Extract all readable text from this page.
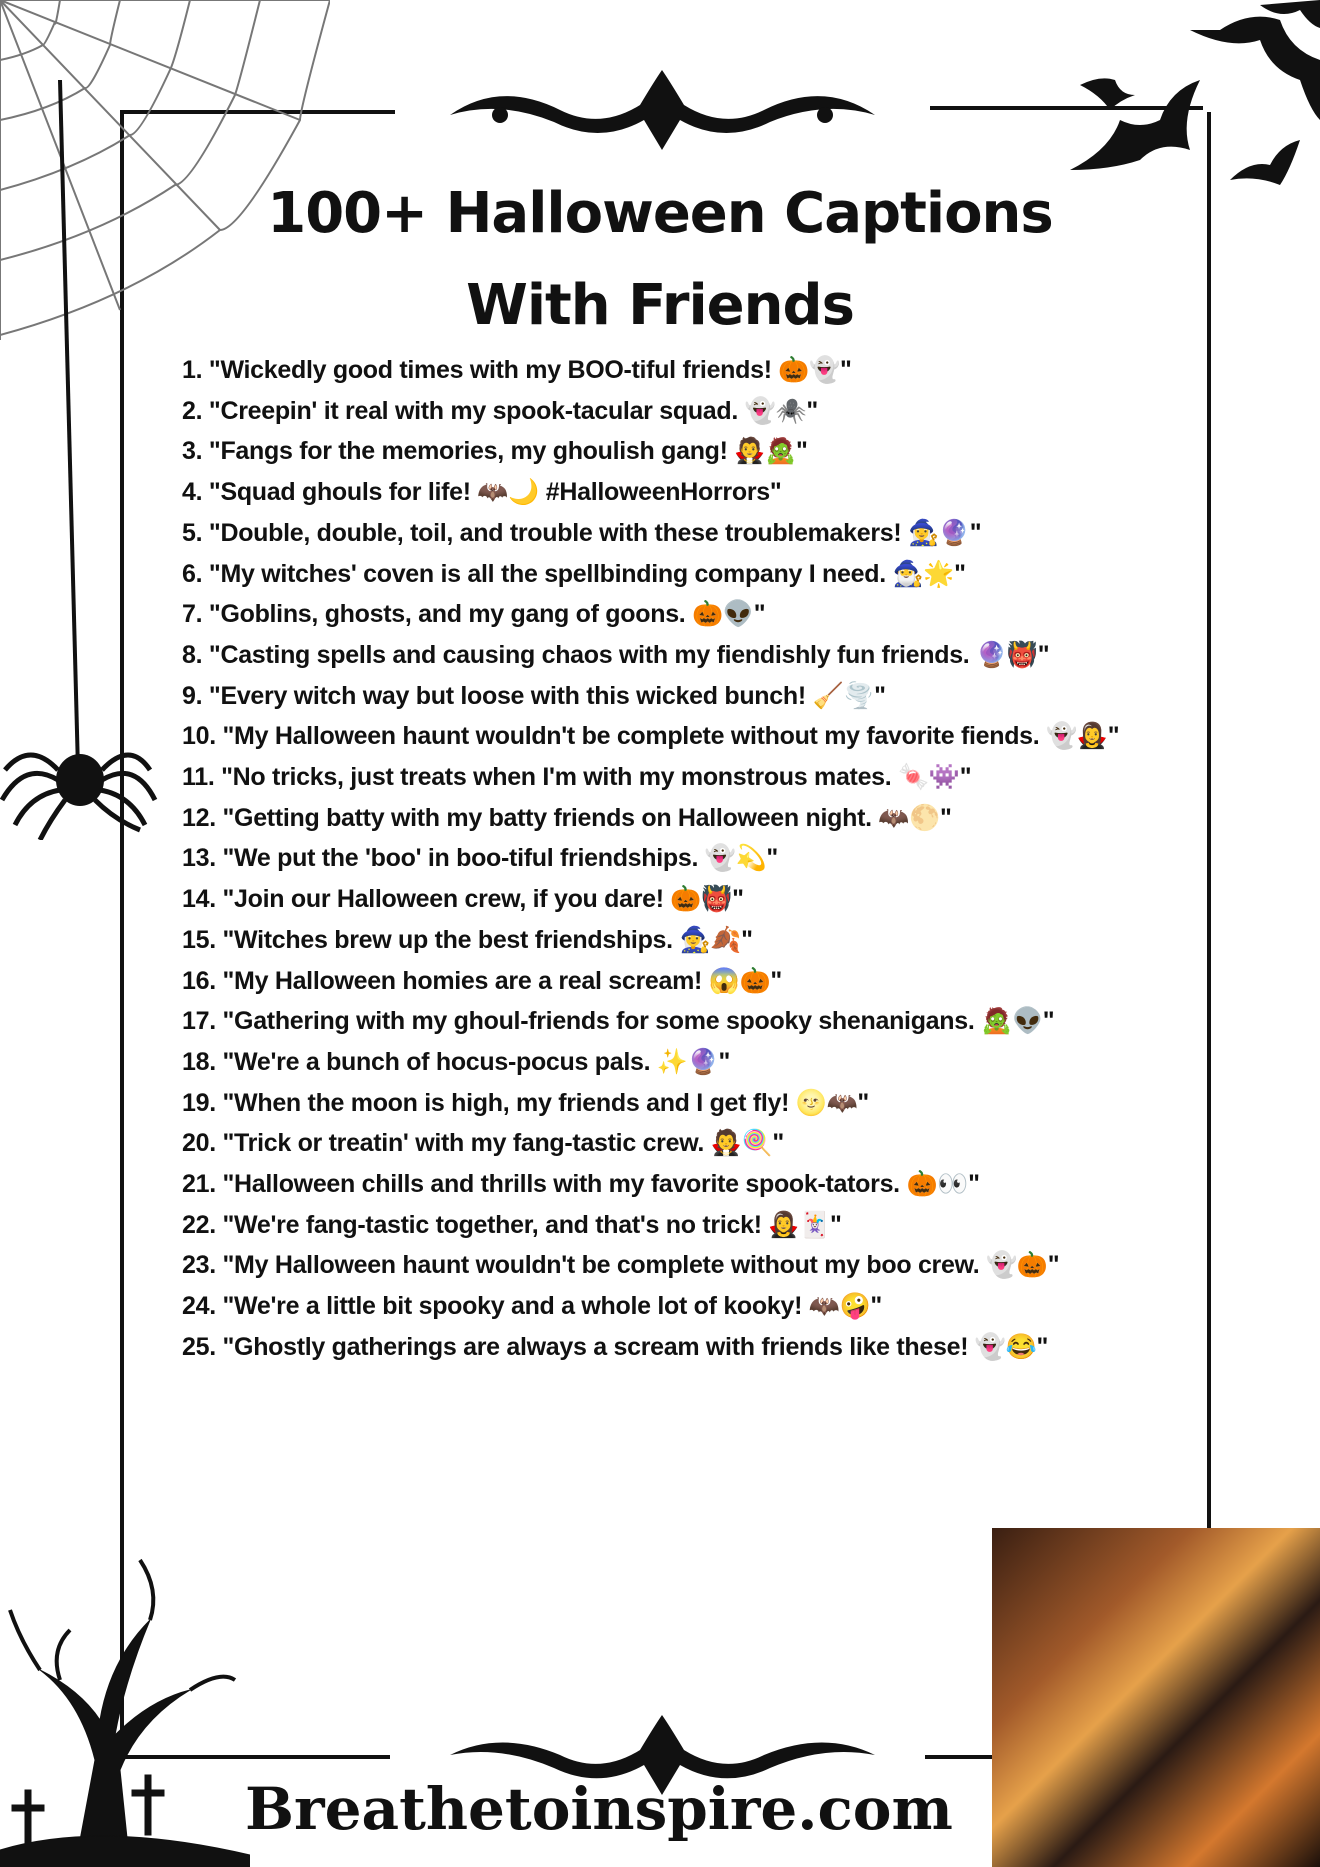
100+ Halloween Captions
With Friends

1. "Wickedly good times with my BOO-tiful friends! 🎃👻"

2. "Creepin' it real with my spook-tacular squad. 👻🕷️"

3. "Fangs for the memories, my ghoulish gang! 🧛🧟"

4. "Squad ghouls for life! 🦇🌙 #HalloweenHorrors"

5. "Double, double, toil, and trouble with these troublemakers! 🧙‍♀️🔮"

6. "My witches' coven is all the spellbinding company I need. 🧙‍♂️🌟"

7. "Goblins, ghosts, and my gang of goons. 🎃👽"

8. "Casting spells and causing chaos with my fiendishly fun friends. 🔮👹"

9. "Every witch way but loose with this wicked bunch! 🧹🌪️"

10. "My Halloween haunt wouldn't be complete without my favorite fiends. 👻🧛‍♀️"

11. "No tricks, just treats when I'm with my monstrous mates. 🍬👾"

12. "Getting batty with my batty friends on Halloween night. 🦇🌕"

13. "We put the 'boo' in boo-tiful friendships. 👻💫"

14. "Join our Halloween crew, if you dare! 🎃👹"

15. "Witches brew up the best friendships. 🧙‍♀️🍂"

16. "My Halloween homies are a real scream! 😱🎃"

17. "Gathering with my ghoul-friends for some spooky shenanigans. 🧟👽"

18. "We're a bunch of hocus-pocus pals. ✨🔮"

19. "When the moon is high, my friends and I get fly! 🌝🦇"

20. "Trick or treatin' with my fang-tastic crew. 🧛🍭"

21. "Halloween chills and thrills with my favorite spook-tators. 🎃👀"

22. "We're fang-tastic together, and that's no trick! 🧛‍♀️🃏"

23. "My Halloween haunt wouldn't be complete without my boo crew. 👻🎃"

24. "We're a little bit spooky and a whole lot of kooky! 🦇🤪"

25. "Ghostly gatherings are always a scream with friends like these! 👻😂"

Breathetoinspire.com
